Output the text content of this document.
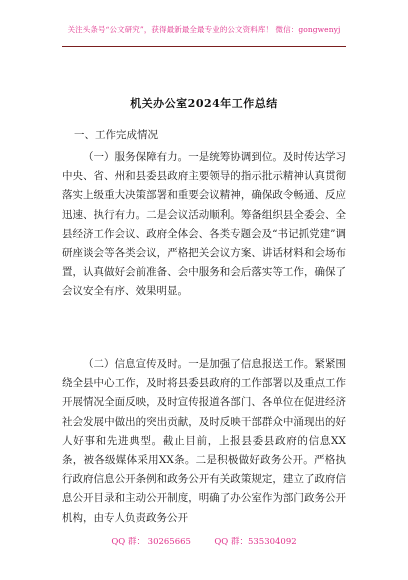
关注头条号“公文研究”，获得最新最全最专业的公文资料库！ 微信：gongwenyj
机关办公室2024年工作总结
一、工作完成情况

（一）服务保障有力。一是统筹协调到位。及时传达学习中央、省、州和县委县政府主要领导的指示批示精神认真贯彻落实上级重大决策部署和重要会议精神，确保政令畅通、反应迅速、执行有力。二是会议活动顺利。筹备组织县全委会、全县经济工作会议、政府全体会、各类专题会及“书记抓党建”调研座谈会等各类会议，严格把关会议方案、讲话材料和会场布置，认真做好会前准备、会中服务和会后落实等工作，确保了会议安全有序、效果明显。

（二）信息宣传及时。一是加强了信息报送工作。紧紧围绕全县中心工作，及时将县委县政府的工作部署以及重点工作开展情况全面反映，及时宣传报道各部门、各单位在促进经济社会发展中做出的突出贡献，及时反映干部群众中涌现出的好人好事和先进典型。截止目前，上报县委县政府的信息XX条，被各级媒体采用XX条。二是积极做好政务公开。严格执行政府信息公开条例和政务公开有关政策规定，建立了政府信息公开目录和主动公开制度，明确了办公室作为部门政务公开机构，由专人负责政务公开

QQ 群： 30265665	QQ 群：535304092
